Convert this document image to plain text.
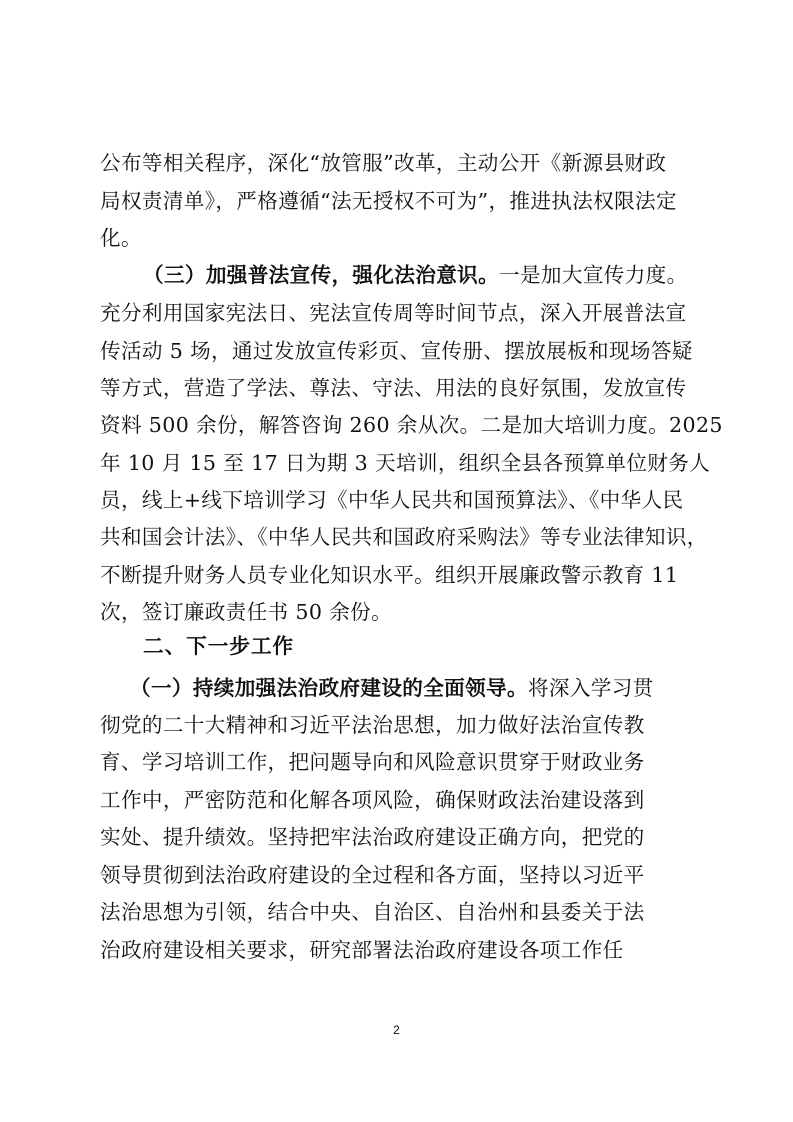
公布等相关程序，深化“放管服”改革，主动公开《新源县财政
局权责清单》，严格遵循“法无授权不可为”，推进执法权限法定
化。
（三）加强普法宣传，强化法治意识。一是加大宣传力度。
充分利用国家宪法日、宪法宣传周等时间节点，深入开展普法宣
传活动 5 场，通过发放宣传彩页、宣传册、摆放展板和现场答疑
等方式，营造了学法、尊法、守法、用法的良好氛围，发放宣传
资料 500 余份，解答咨询 260 余从次。二是加大培训力度。2025
年 10 月 15 至 17 日为期 3 天培训，组织全县各预算单位财务人
员，线上+线下培训学习《中华人民共和国预算法》、《中华人民
共和国会计法》、《中华人民共和国政府采购法》等专业法律知识，
不断提升财务人员专业化知识水平。组织开展廉政警示教育 11
次，签订廉政责任书 50 余份。
（一）持续加强法治政府建设的全面领导。将深入学习贯
彻党的二十大精神和习近平法治思想，加力做好法治宣传教
育、学习培训工作，把问题导向和风险意识贯穿于财政业务
工作中，严密防范和化解各项风险，确保财政法治建设落到
实处、提升绩效。坚持把牢法治政府建设正确方向，把党的
领导贯彻到法治政府建设的全过程和各方面，坚持以习近平
法治思想为引领，结合中央、自治区、自治州和县委关于法
治政府建设相关要求，研究部署法治政府建设各项工作任
二、下一步工作
2
